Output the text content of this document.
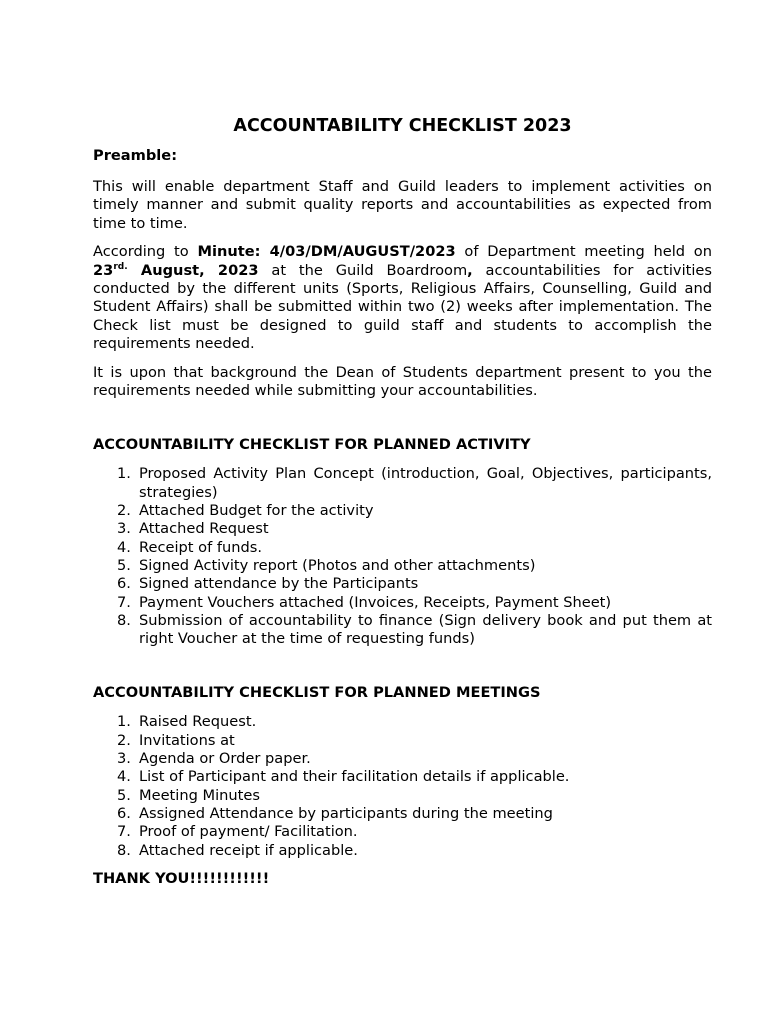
ACCOUNTABILITY CHECKLIST 2023
Preamble:

This will enable department Staff and Guild leaders to implement activities on timely manner and submit quality reports and accountabilities as expected from time to time.

According to Minute: 4/03/DM/AUGUST/2023 of Department meeting held on $23^{rd.}$ August, 2023 at the Guild Boardroom, accountabilities for activities conducted by the different units (Sports, Religious Affairs, Counselling, Guild and Student Affairs) shall be submitted within two (2) weeks after implementation. The Check list must be designed to guild staff and students to accomplish the requirements needed.

It is upon that background the Dean of Students department present to you the requirements needed while submitting your accountabilities.

ACCOUNTABILITY CHECKLIST FOR PLANNED ACTIVITY
1. Proposed Activity Plan Concept (introduction, Goal, Objectives, participants, strategies)
2. Attached Budget for the activity
3. Attached Request
4. Receipt of funds.
5. Signed Activity report (Photos and other attachments)
6. Signed attendance by the Participants
7. Payment Vouchers attached (Invoices, Receipts, Payment Sheet)
8. Submission of accountability to finance (Sign delivery book and put them at right Voucher at the time of requesting funds)
ACCOUNTABILITY CHECKLIST FOR PLANNED MEETINGS
1. Raised Request.
2. Invitations at
3. Agenda or Order paper.
4. List of Participant and their facilitation details if applicable.
5. Meeting Minutes
6. Assigned Attendance by participants during the meeting
7. Proof of payment/ Facilitation.
8. Attached receipt if applicable.
THANK YOU!!!!!!!!!!!!
